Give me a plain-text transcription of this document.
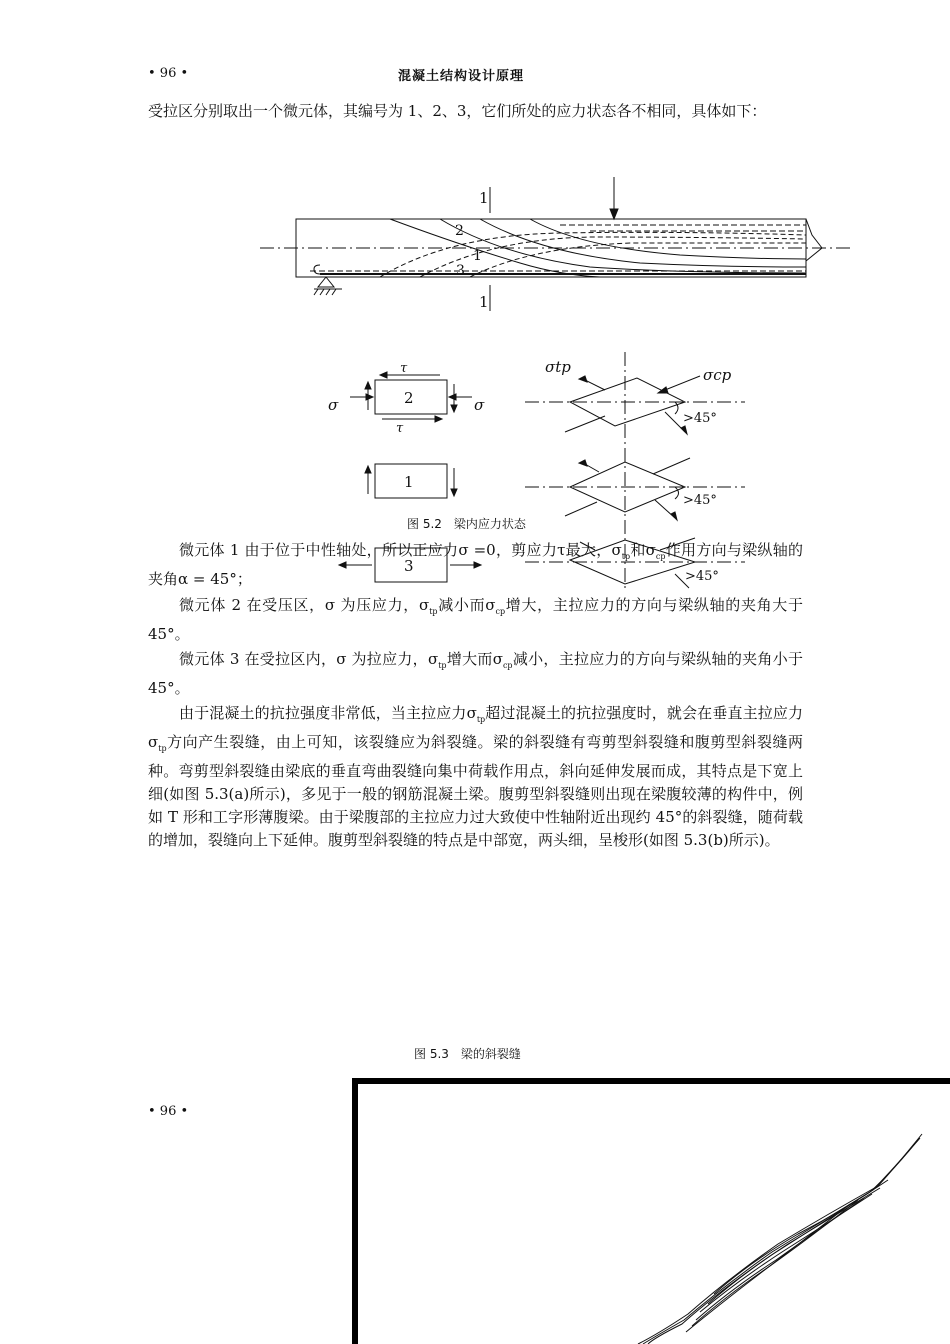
• 96 •	混凝土结构设计原理

受拉区分别取出一个微元体，其编号为 1、2、3，它们所处的应力状态各不相同，具体如下：

1
1
2
1
3
2
1
3
σ	σ
τ
τ
σtp	σcp
>45°
>45°
>45°
图 5.2　梁内应力状态

微元体 1 由于位于中性轴处，所以正应力σ =0，剪应力τ最大，$\sigma_{tp}$和$\sigma_{cp}$作用方向与梁纵轴的夹角α = 45°；

微元体 2 在受压区，σ 为压应力，$\sigma_{tp}$减小而$\sigma_{cp}$增大，主拉应力的方向与梁纵轴的夹角大于 45°。

微元体 3 在受拉区内，σ 为拉应力，$\sigma_{tp}$增大而$\sigma_{cp}$减小，主拉应力的方向与梁纵轴的夹角小于 45°。

由于混凝土的抗拉强度非常低，当主拉应力$\sigma_{tp}$超过混凝土的抗拉强度时，就会在垂直主拉应力$\sigma_{tp}$方向产生裂缝，由上可知，该裂缝应为斜裂缝。梁的斜裂缝有弯剪型斜裂缝和腹剪型斜裂缝两种。弯剪型斜裂缝由梁底的垂直弯曲裂缝向集中荷载作用点，斜向延伸发展而成，其特点是下宽上细(如图 5.3(a)所示)，多见于一般的钢筋混凝土梁。腹剪型斜裂缝则出现在梁腹较薄的构件中，例如 T 形和工字形薄腹梁。由于梁腹部的主拉应力过大致使中性轴附近出现约 45°的斜裂缝，随荷载的增加，裂缝向上下延伸。腹剪型斜裂缝的特点是中部宽，两头细，呈梭形(如图 5.3(b)所示)。

图 5.3　梁的斜裂缝
• 96 •
